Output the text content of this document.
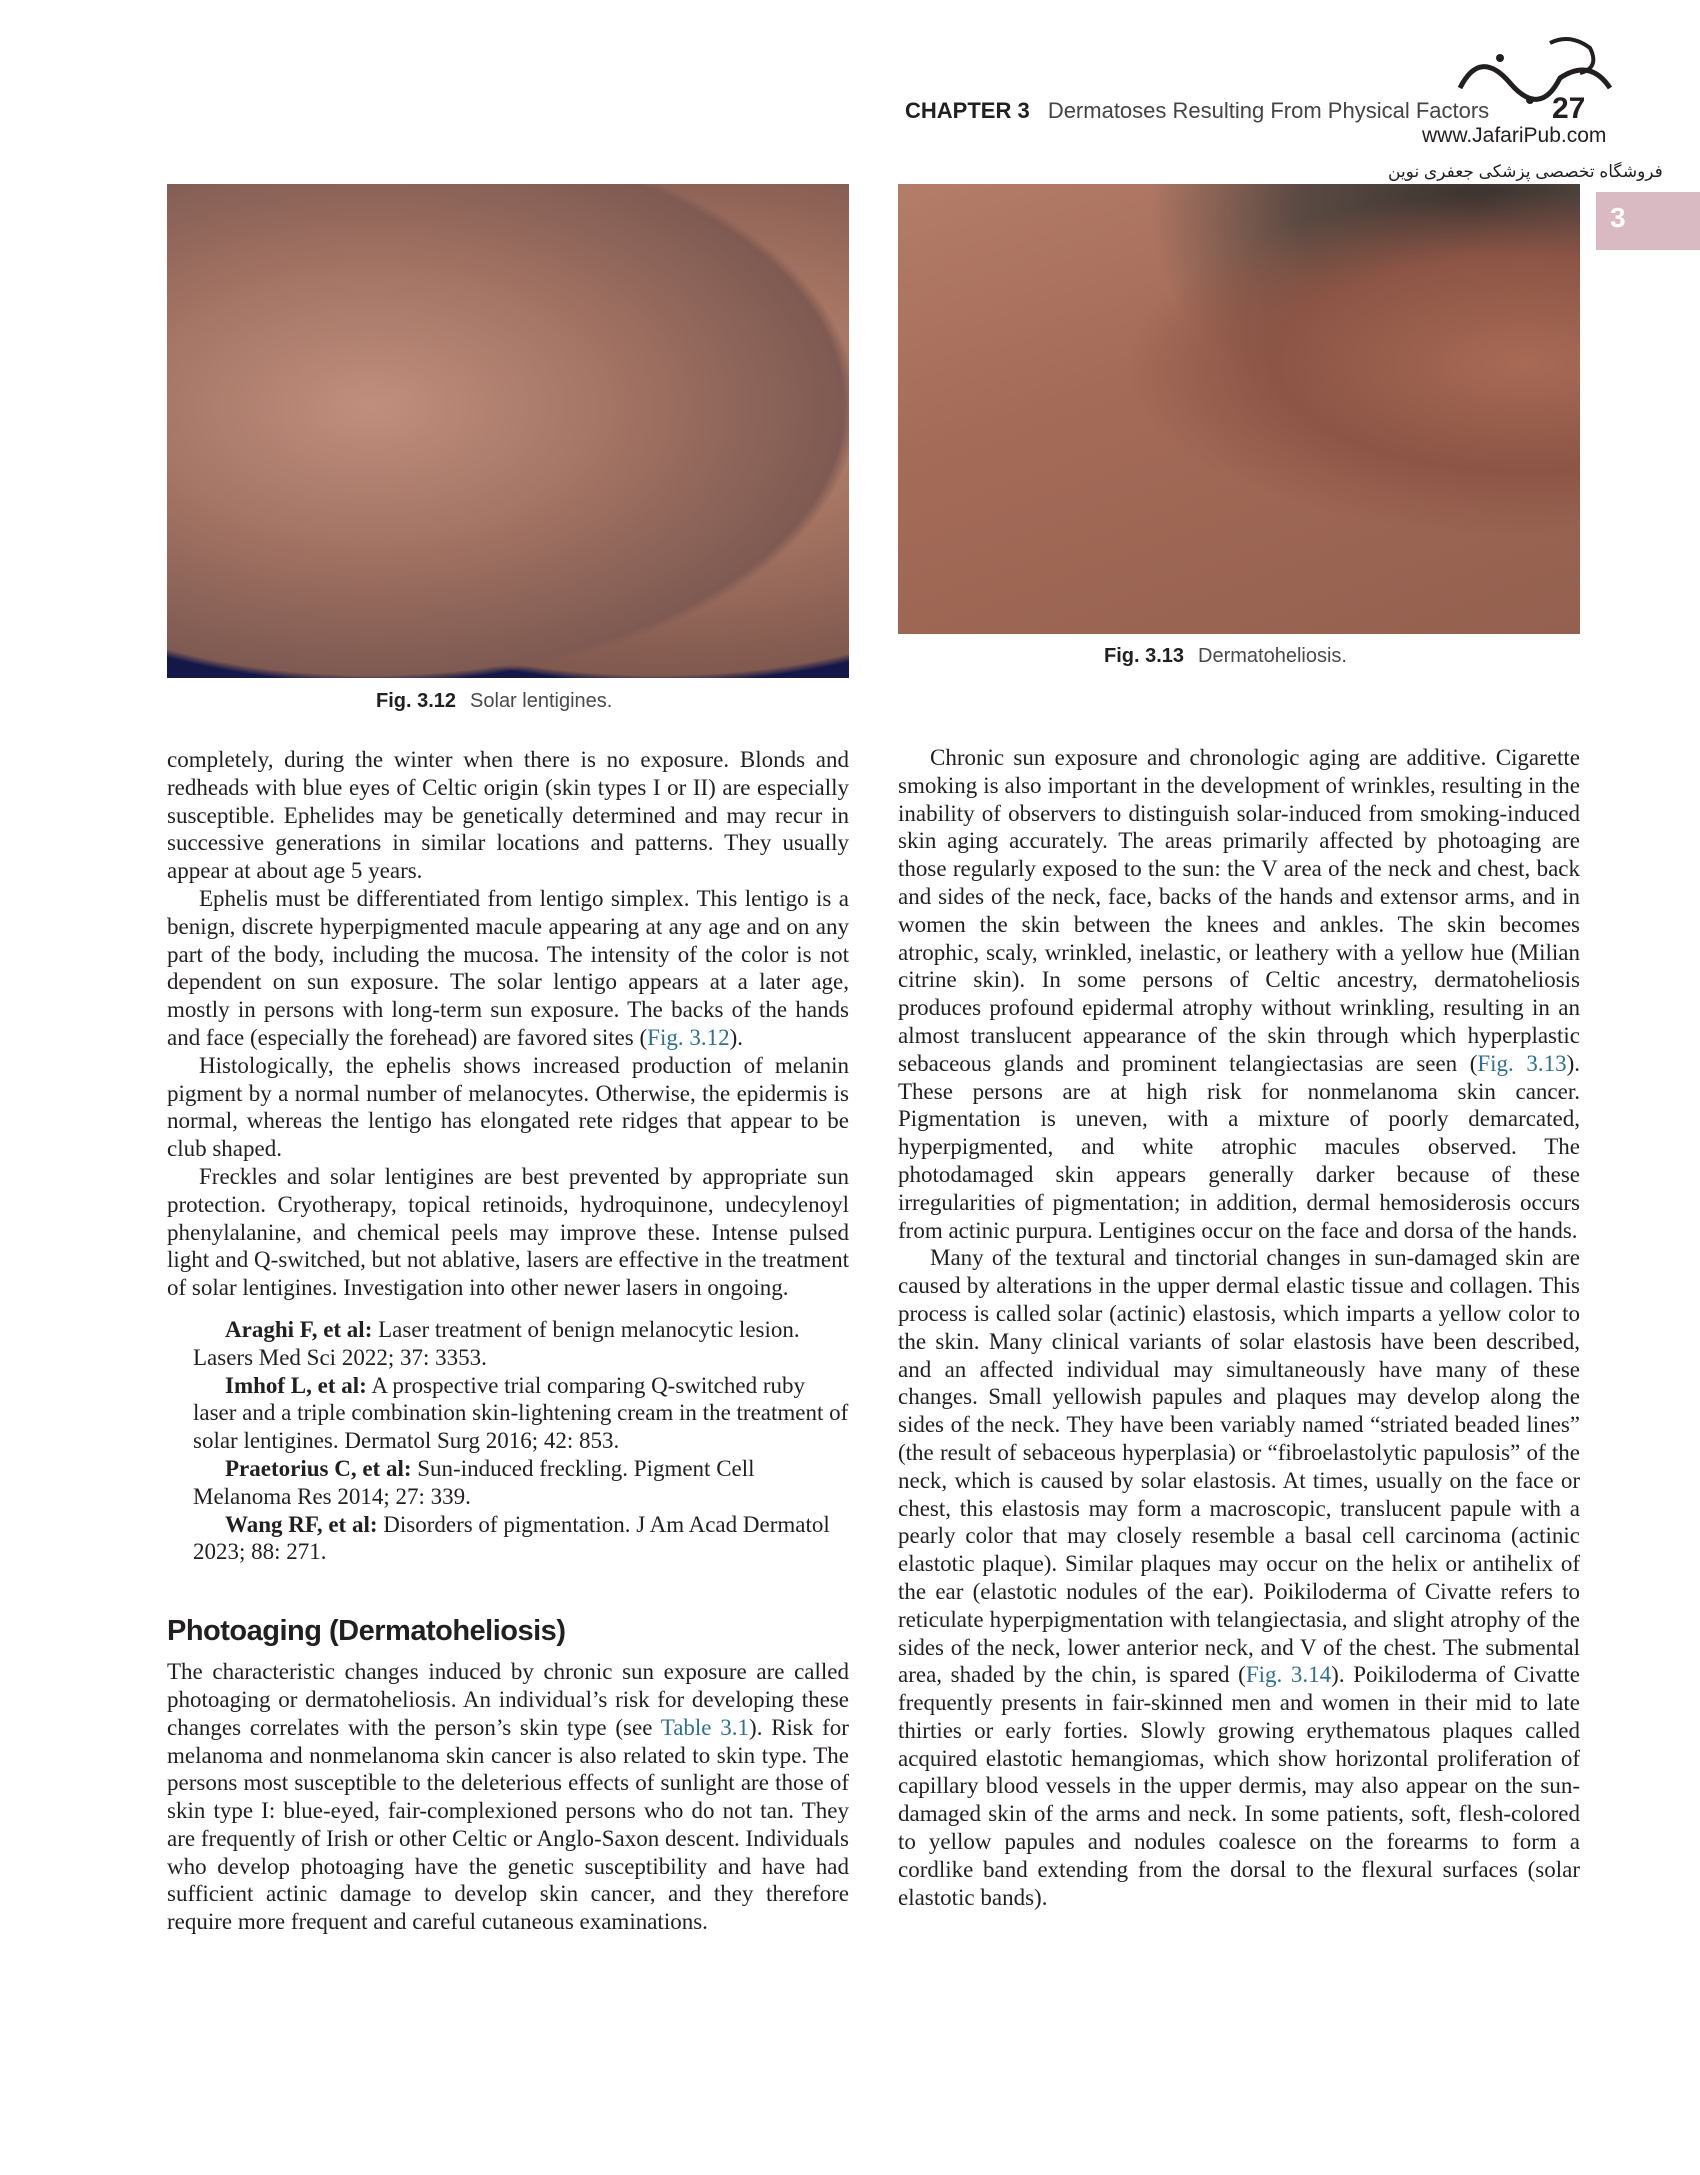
CHAPTER 3 Dermatoses Resulting From Physical Factors 27
www.JafariPub.com
فروشگاه تخصصی پزشکی جعفری نوین
3
Fig. 3.12 Solar lentigines.
Fig. 3.13 Dermatoheliosis.

completely, during the winter when there is no exposure. Blonds and redheads with blue eyes of Celtic origin (skin types I or II) are especially susceptible. Ephelides may be genetically determined and may recur in successive generations in similar locations and patterns. They usually appear at about age 5 years.

Ephelis must be differentiated from lentigo simplex. This lentigo is a benign, discrete hyperpigmented macule appearing at any age and on any part of the body, including the mucosa. The intensity of the color is not dependent on sun exposure. The solar lentigo appears at a later age, mostly in persons with long-term sun exposure. The backs of the hands and face (especially the forehead) are favored sites (Fig. 3.12).

Histologically, the ephelis shows increased production of melanin pigment by a normal number of melanocytes. Otherwise, the epidermis is normal, whereas the lentigo has elongated rete ridges that appear to be club shaped.

Freckles and solar lentigines are best prevented by appropriate sun protection. Cryotherapy, topical retinoids, hydroquinone, undecylenoyl phenylalanine, and chemical peels may improve these. Intense pulsed light and Q-switched, but not ablative, lasers are effective in the treatment of solar lentigines. Investigation into other newer lasers in ongoing.

Araghi F, et al: Laser treatment of benign melanocytic lesion. Lasers Med Sci 2022; 37: 3353.

Imhof L, et al: A prospective trial comparing Q-switched ruby laser and a triple combination skin-lightening cream in the treatment of solar lentigines. Dermatol Surg 2016; 42: 853.

Praetorius C, et al: Sun-induced freckling. Pigment Cell Melanoma Res 2014; 27: 339.

Wang RF, et al: Disorders of pigmentation. J Am Acad Dermatol 2023; 88: 271.

Photoaging (Dermatoheliosis)

The characteristic changes induced by chronic sun exposure are called photoaging or dermatoheliosis. An individual’s risk for developing these changes correlates with the person’s skin type (see Table 3.1). Risk for melanoma and nonmelanoma skin cancer is also related to skin type. The persons most susceptible to the deleterious effects of sunlight are those of skin type I: blue-eyed, fair-complexioned persons who do not tan. They are frequently of Irish or other Celtic or Anglo-Saxon descent. Individuals who develop photoaging have the genetic susceptibility and have had sufficient actinic damage to develop skin cancer, and they therefore require more frequent and careful cutaneous examinations.

Chronic sun exposure and chronologic aging are additive. Cigarette smoking is also important in the development of wrinkles, resulting in the inability of observers to distinguish solar-induced from smoking-induced skin aging accurately. The areas primarily affected by photoaging are those regularly exposed to the sun: the V area of the neck and chest, back and sides of the neck, face, backs of the hands and extensor arms, and in women the skin between the knees and ankles. The skin becomes atrophic, scaly, wrinkled, inelastic, or leathery with a yellow hue (Milian citrine skin). In some persons of Celtic ancestry, dermatoheliosis produces profound epidermal atrophy without wrinkling, resulting in an almost translucent appearance of the skin through which hyperplastic sebaceous glands and prominent telangiectasias are seen (Fig. 3.13). These persons are at high risk for nonmelanoma skin cancer. Pigmentation is uneven, with a mixture of poorly demarcated, hyperpigmented, and white atrophic macules observed. The photodamaged skin appears generally darker because of these irregularities of pigmentation; in addition, dermal hemosiderosis occurs from actinic purpura. Lentigines occur on the face and dorsa of the hands.

Many of the textural and tinctorial changes in sun-damaged skin are caused by alterations in the upper dermal elastic tissue and collagen. This process is called solar (actinic) elastosis, which imparts a yellow color to the skin. Many clinical variants of solar elastosis have been described, and an affected individual may simultaneously have many of these changes. Small yellowish papules and plaques may develop along the sides of the neck. They have been variably named “striated beaded lines” (the result of sebaceous hyperplasia) or “fibroelastolytic papulosis” of the neck, which is caused by solar elastosis. At times, usually on the face or chest, this elastosis may form a macroscopic, translucent papule with a pearly color that may closely resemble a basal cell carcinoma (actinic elastotic plaque). Similar plaques may occur on the helix or antihelix of the ear (elastotic nodules of the ear). Poikiloderma of Civatte refers to reticulate hyperpigmentation with telangiectasia, and slight atrophy of the sides of the neck, lower anterior neck, and V of the chest. The submental area, shaded by the chin, is spared (Fig. 3.14). Poikiloderma of Civatte frequently presents in fair-skinned men and women in their mid to late thirties or early forties. Slowly growing erythematous plaques called acquired elastotic hemangiomas, which show horizontal proliferation of capillary blood vessels in the upper dermis, may also appear on the sun-damaged skin of the arms and neck. In some patients, soft, flesh-colored to yellow papules and nodules coalesce on the forearms to form a cordlike band extending from the dorsal to the flexural surfaces (solar elastotic bands).
